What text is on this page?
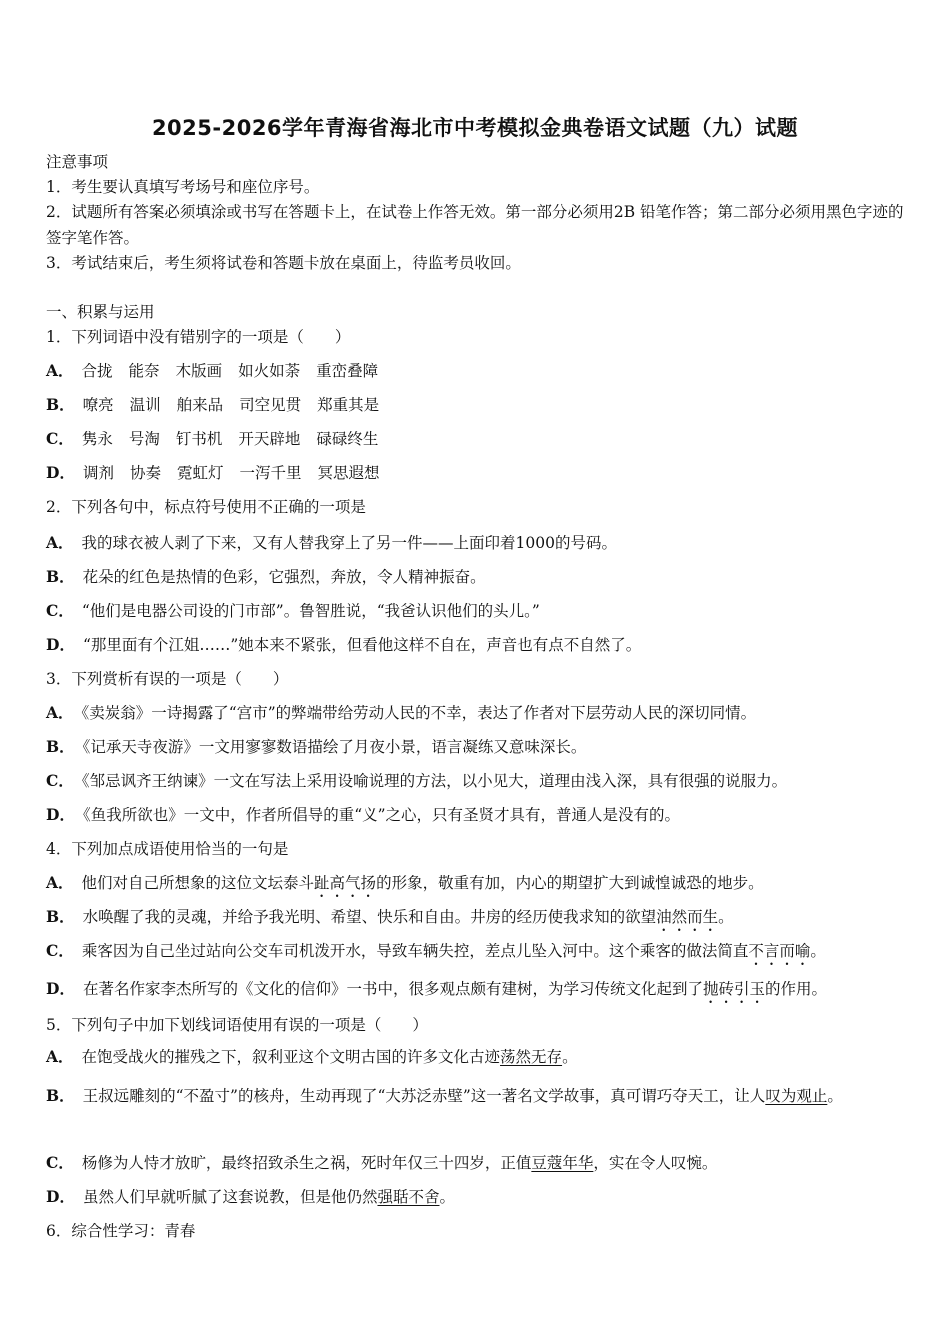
2025-2026学年青海省海北市中考模拟金典卷语文试题（九）试题
注意事项
1．考生要认真填写考场号和座位序号。
2．试题所有答案必须填涂或书写在答题卡上，在试卷上作答无效。第一部分必须用2B 铅笔作答；第二部分必须用黑色字迹的签字笔作答。
3．考试结束后，考生须将试卷和答题卡放在桌面上，待监考员收回。
一、积累与运用
1．下列词语中没有错别字的一项是（　　）
A． 合拢 能奈 木版画 如火如荼 重峦叠障
B． 嘹亮 温训 舶来品 司空见贯 郑重其是
C． 隽永 号淘 钉书机 开天辟地 碌碌终生
D． 调剂 协奏 霓虹灯 一泻千里 冥思遐想
2．下列各句中，标点符号使用不正确的一项是
A． 我的球衣被人剥了下来，又有人替我穿上了另一件——上面印着1000的号码。
B． 花朵的红色是热情的色彩，它强烈，奔放，令人精神振奋。
C． “他们是电器公司设的门市部”。鲁智胜说，“我爸认识他们的头儿。”
D． “那里面有个江姐……”她本来不紧张，但看他这样不自在，声音也有点不自然了。
3．下列赏析有误的一项是（　　）
A． 《卖炭翁》一诗揭露了“宫市”的弊端带给劳动人民的不幸，表达了作者对下层劳动人民的深切同情。
B． 《记承天寺夜游》一文用寥寥数语描绘了月夜小景，语言凝练又意味深长。
C． 《邹忌讽齐王纳谏》一文在写法上采用设喻说理的方法，以小见大，道理由浅入深，具有很强的说服力。
D． 《鱼我所欲也》一文中，作者所倡导的重“义”之心，只有圣贤才具有，普通人是没有的。
4．下列加点成语使用恰当的一句是
A． 他们对自己所想象的这位文坛泰斗趾高气扬的形象，敬重有加，内心的期望扩大到诚惶诚恐的地步。
B． 水唤醒了我的灵魂，并给予我光明、希望、快乐和自由。井房的经历使我求知的欲望油然而生。
C． 乘客因为自己坐过站向公交车司机泼开水，导致车辆失控，差点儿坠入河中。这个乘客的做法简直不言而喻。
D． 在著名作家李杰所写的《文化的信仰》一书中，很多观点颇有建树，为学习传统文化起到了抛砖引玉的作用。
5．下列句子中加下划线词语使用有误的一项是（　　）
A． 在饱受战火的摧残之下，叙利亚这个文明古国的许多文化古迹荡然无存。
B． 王叔远雕刻的“不盈寸”的核舟，生动再现了“大苏泛赤壁”这一著名文学故事，真可谓巧夺天工，让人叹为观止。
C． 杨修为人恃才放旷，最终招致杀生之祸，死时年仅三十四岁，正值豆蔻年华，实在令人叹惋。
D． 虽然人们早就听腻了这套说教，但是他仍然强聒不舍。
6．综合性学习：青春
